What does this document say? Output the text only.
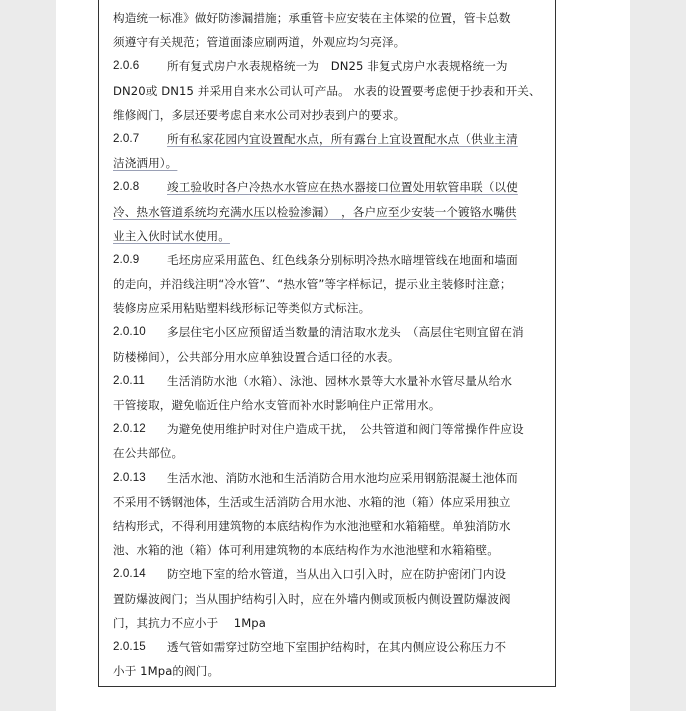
构造统一标准》做好防渗漏措施；承重管卡应安装在主体梁的位置，管卡总数
须遵守有关规范；管道面漆应刷两道，外观应均匀亮泽。
2.0.6	所有复式房户水表规格统一为　DN25 非复式房户水表规格统一为
DN20或 DN15 并采用自来水公司认可产品。 水表的设置要考虑便于抄表和开关、
维修阀门，多层还要考虑自来水公司对抄表到户的要求。
2.0.7	所有私家花园内宜设置配水点，所有露台上宜设置配水点（供业主清
洁浇洒用）。
2.0.8	竣工验收时各户冷热水水管应在热水器接口位置处用软管串联（以使
冷、热水管道系统均充满水压以检验渗漏）　，各户应至少安装一个镀铬水嘴供
业主入伙时试水使用。
2.0.9	毛坯房应采用蓝色、红色线条分别标明冷热水暗埋管线在地面和墙面
的走向，并沿线注明“冷水管”、“热水管”等字样标记，提示业主装修时注意；
装修房应采用粘贴塑料线形标记等类似方式标注。
2.0.10	多层住宅小区应预留适当数量的清洁取水龙头　（高层住宅则宜留在消
防楼梯间），公共部分用水应单独设置合适口径的水表。
2.0.11	生活消防水池（水箱）、泳池、园林水景等大水量补水管尽量从给水
干管接取，避免临近住户给水支管而补水时影响住户正常用水。
2.0.12	为避免使用维护时对住户造成干扰，　公共管道和阀门等常操作件应设
在公共部位。
2.0.13	生活水池、消防水池和生活消防合用水池均应采用钢筋混凝土池体而
不采用不锈钢池体，生活或生活消防合用水池、水箱的池（箱）体应采用独立
结构形式，不得利用建筑物的本底结构作为水池池壁和水箱箱壁。单独消防水
池、水箱的池（箱）体可利用建筑物的本底结构作为水池池壁和水箱箱壁。
2.0.14	防空地下室的给水管道，当从出入口引入时，应在防护密闭门内设
置防爆波阀门；当从围护结构引入时，应在外墙内侧或顶板内侧设置防爆波阀
门，其抗力不应小于　 1Mpa
2.0.15	透气管如需穿过防空地下室围护结构时，在其内侧应设公称压力不
小于 1Mpa的阀门。
